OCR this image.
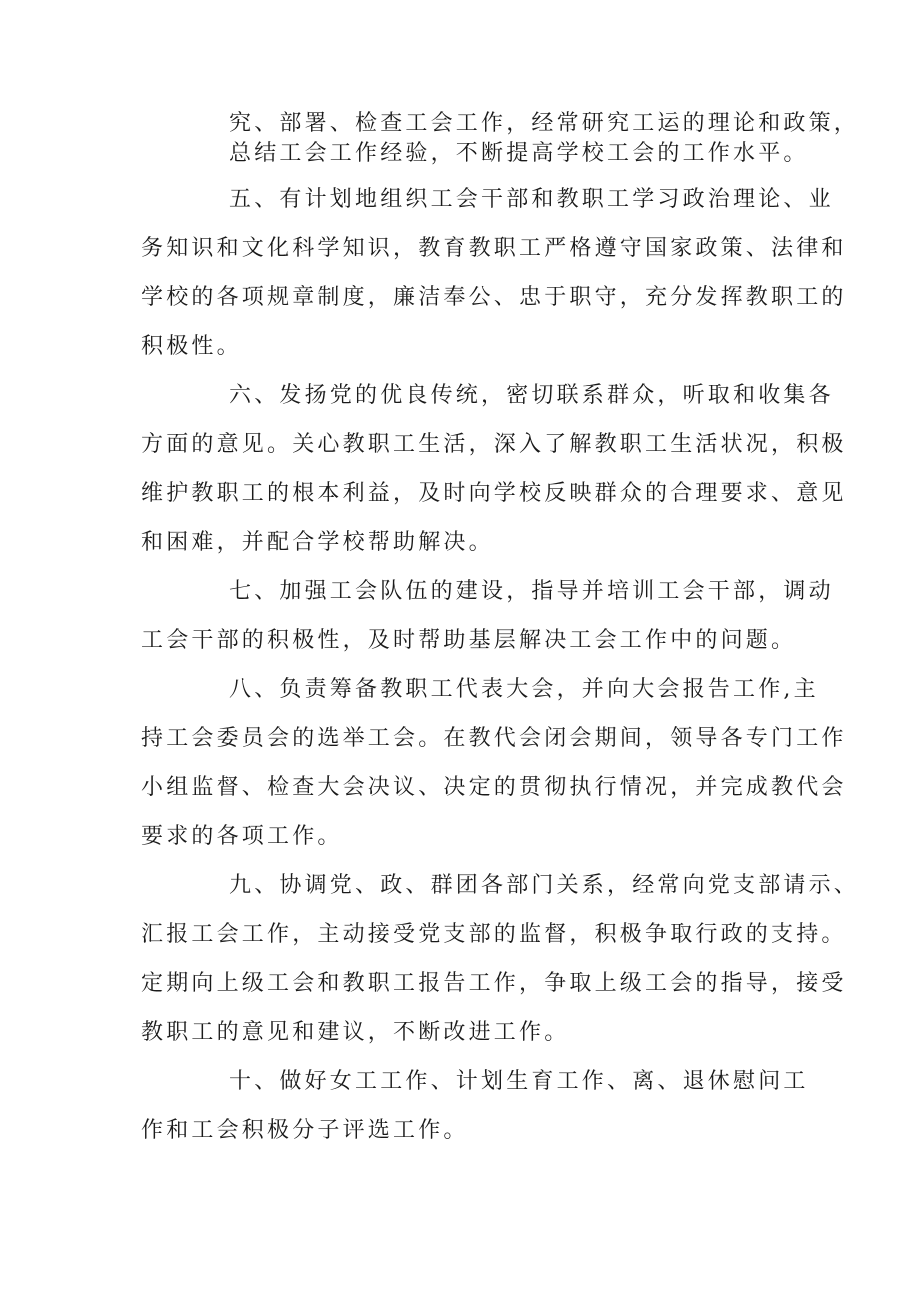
究、部署、检查工会工作，经常研究工运的理论和政策，
总结工会工作经验，不断提高学校工会的工作水平。
五、有计划地组织工会干部和教职工学习政治理论、业
务知识和文化科学知识，教育教职工严格遵守国家政策、法律和
学校的各项规章制度，廉洁奉公、忠于职守，充分发挥教职工的
积极性。
六、发扬党的优良传统，密切联系群众，听取和收集各
方面的意见。关心教职工生活，深入了解教职工生活状况，积极
维护教职工的根本利益，及时向学校反映群众的合理要求、意见
和困难，并配合学校帮助解决。
七、加强工会队伍的建设，指导并培训工会干部，调动
工会干部的积极性，及时帮助基层解决工会工作中的问题。
八、负责筹备教职工代表大会，并向大会报告工作,主
持工会委员会的选举工会。在教代会闭会期间，领导各专门工作
小组监督、检查大会决议、决定的贯彻执行情况，并完成教代会
要求的各项工作。
九、协调党、政、群团各部门关系，经常向党支部请示、
汇报工会工作，主动接受党支部的监督，积极争取行政的支持。
定期向上级工会和教职工报告工作，争取上级工会的指导，接受
教职工的意见和建议，不断改进工作。
十、做好女工工作、计划生育工作、离、退休慰问工
作和工会积极分子评选工作。
